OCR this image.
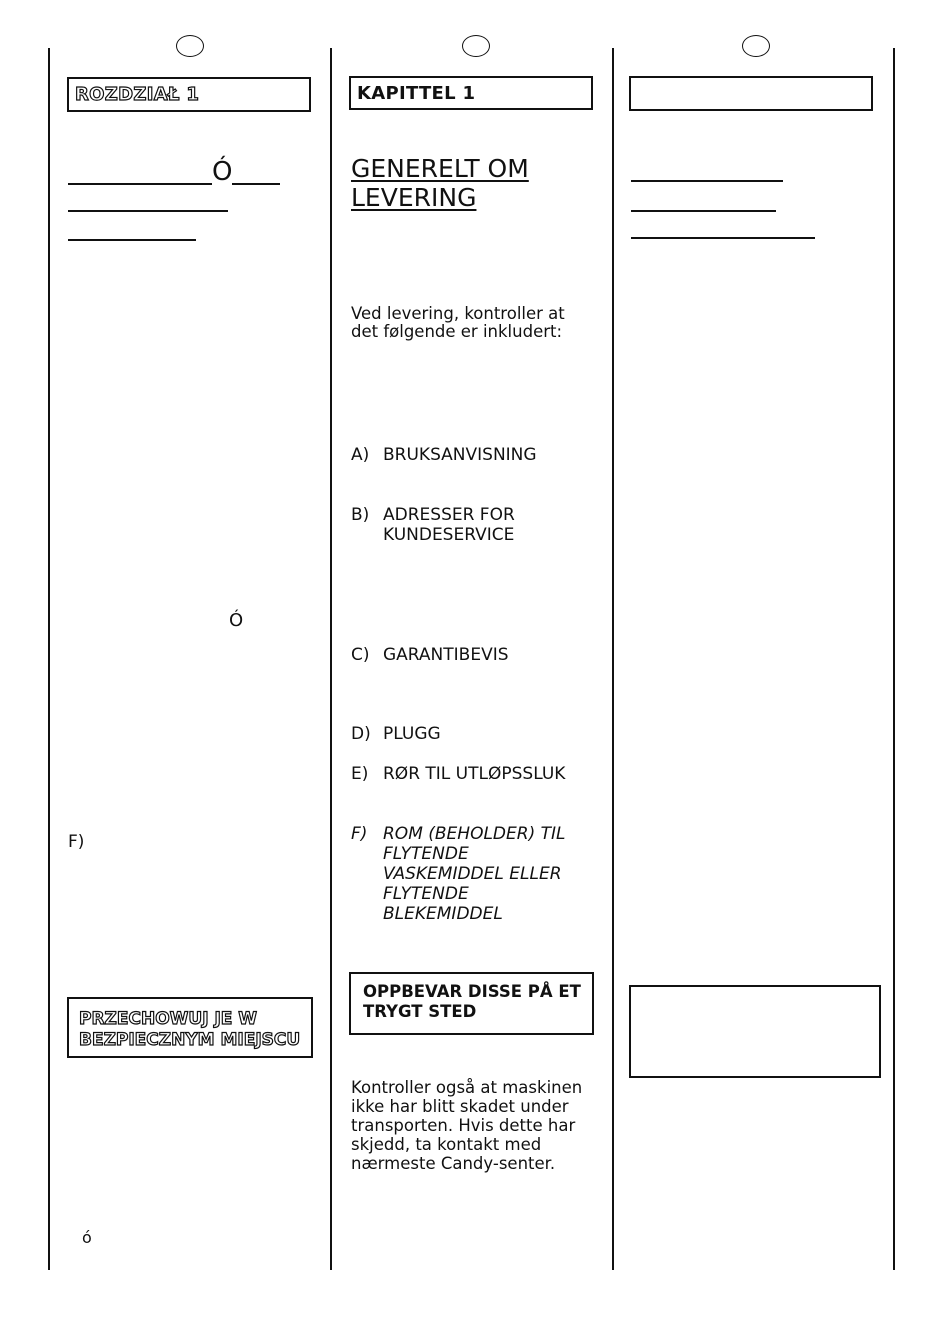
ROZDZIAŁ 1
Ó
Ó
F)
PRZECHOWUJ JE W
BEZPIECZNYM MIEJSCU
ó
KAPITTEL 1
GENERELT OM
LEVERING
Ved levering, kontroller at
det følgende er inkludert:
A) BRUKSANVISNING
B) ADRESSER FOR
KUNDESERVICE
C) GARANTIBEVIS
D) PLUGG
E) RØR TIL UTLØPSSLUK
F) ROM (BEHOLDER) TIL
FLYTENDE
VASKEMIDDEL ELLER
FLYTENDE
BLEKEMIDDEL
OPPBEVAR DISSE PÅ ET
TRYGT STED
Kontroller også at maskinen
ikke har blitt skadet under
transporten. Hvis dette har
skjedd, ta kontakt med
nærmeste Candy-senter.
